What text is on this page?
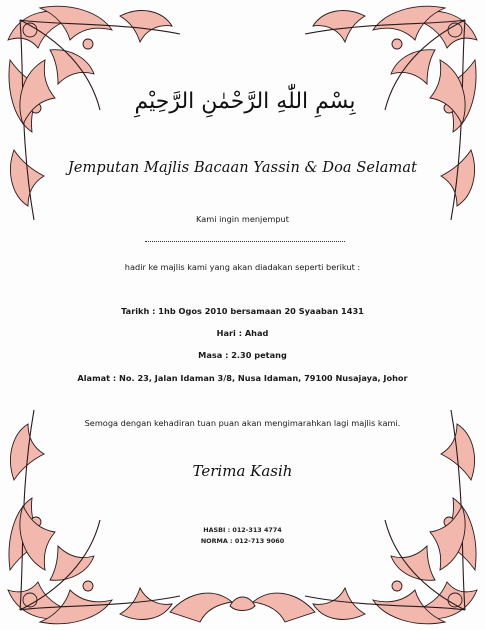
بِسْمِ اللّٰهِ الرَّحْمٰنِ الرَّحِيْمِ
Jemputan Majlis Bacaan Yassin & Doa Selamat
Kami ingin menjemput
hadir ke majlis kami yang akan diadakan seperti berikut :
Tarikh : 1hb Ogos 2010 bersamaan 20 Syaaban 1431
Hari : Ahad
Masa : 2.30 petang
Alamat : No. 23, Jalan Idaman 3/8, Nusa Idaman, 79100 Nusajaya, Johor
Semoga dengan kehadiran tuan puan akan mengimarahkan lagi majlis kami.
Terima Kasih
HASBI : 012-313 4774
NORMA : 012-713 9060
